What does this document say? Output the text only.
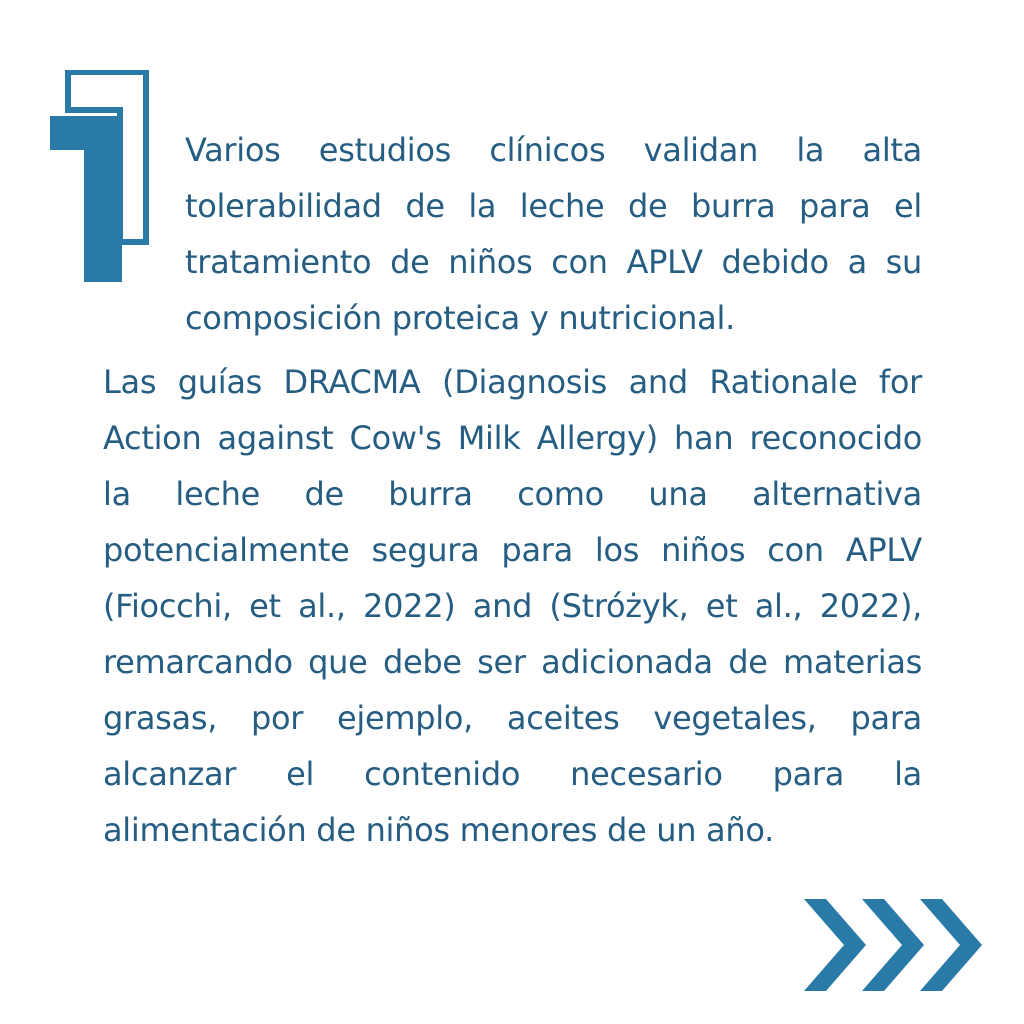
Varios estudios clínicos validan la alta tolerabilidad de la leche de burra para el tratamiento de niños con APLV debido a su composición proteica y nutricional.

Las guías DRACMA (Diagnosis and Rationale for Action against Cow's Milk Allergy) han reconocido la leche de burra como una alternativa potencialmente segura para los niños con APLV (Fiocchi, et al., 2022) and (Stróżyk, et al., 2022), remarcando que debe ser adicionada de materias grasas, por ejemplo, aceites vegetales, para alcanzar el contenido necesario para la alimentación de niños menores de un año.
